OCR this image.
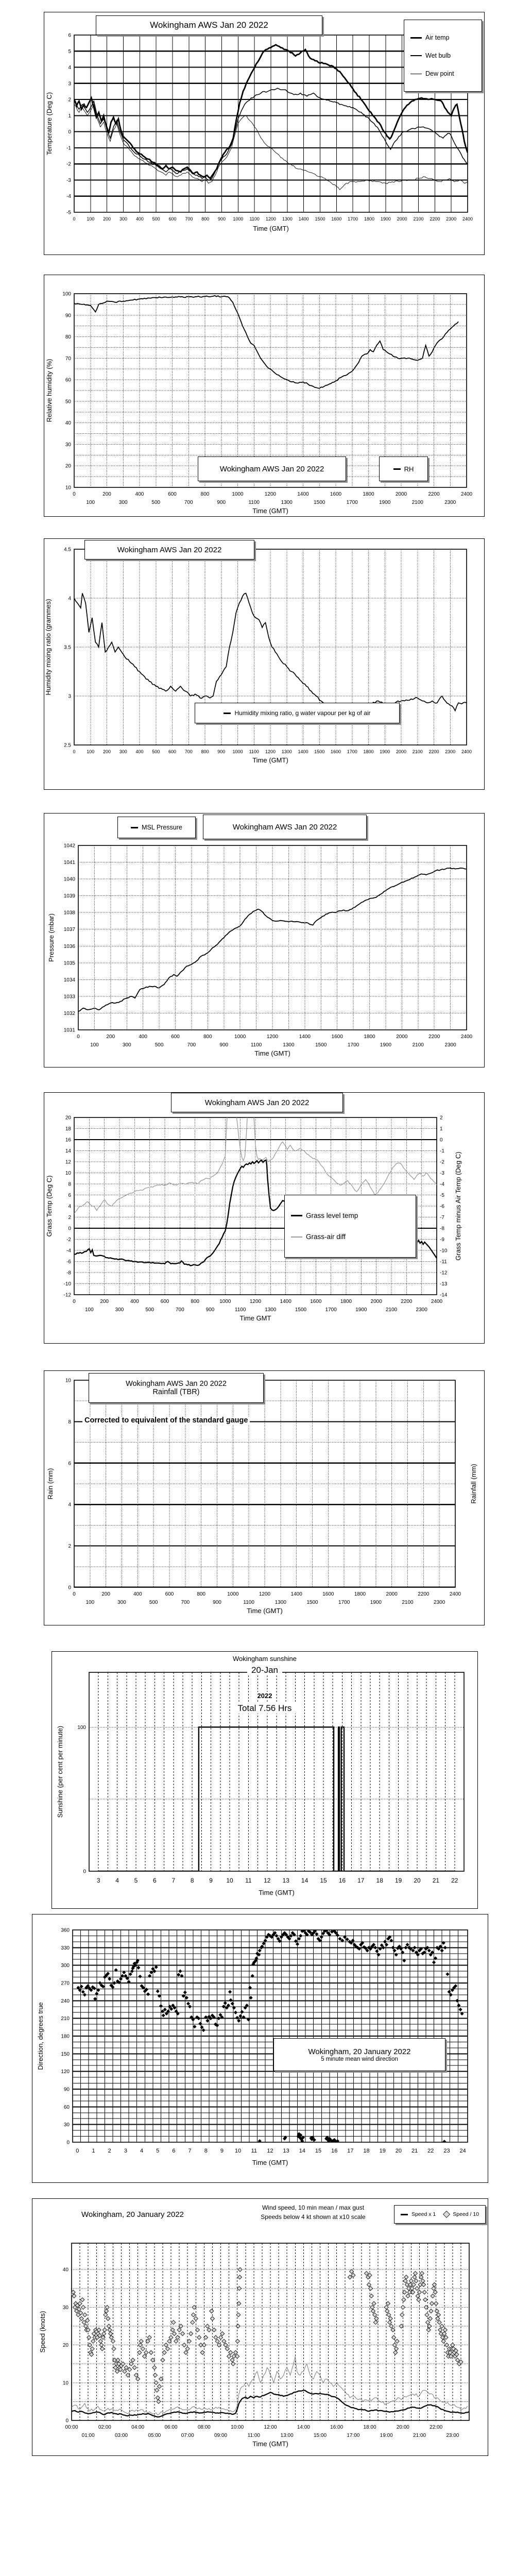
0 100 200 300 400 500 600 700 800 900 1000 1100 1200 1300 1400 1500 1600 1700 1800 1900 2000 2100 2200 2300 2400
-5
-4
-3
-2
-1
0
1
2
3
4
5
6
Time (GMT)
Temperature (Deg C)
Wokingham AWS Jan 20 2022
Air temp
Wet bulb
Dew point
0
100
200
300
400
500
600
700
800
900
1000
1100
1200
1300
1400
1500
1600
1700
1800
1900
2000
2100
2200
2300
2400
10
20
30
40
50
60
70
80
90
100
Time (GMT)
Relative humidity (%)
Wokingham AWS Jan 20 2022	RH
0 100 200 300 400 500 600 700 800 900 1000 1100 1200 1300 1400 1500 1600 1700 1800 1900 2000 2100 2200 2300 2400
2.5
3
3.5
4
4.5
Time (GMT)
Humidity mixing ratio (grammes)
Wokingham AWS Jan 20 2022
Humidity mixing ratio, g water vapour per kg of air
0
100
200
300
400
500
600
700
800
900
1000
1100
1200
1300
1400
1500
1600
1700
1800
1900
2000
2100
2200
2300
2400
1031
1032
1033
1034
1035
1036
1037
1038
1039
1040
1041
1042
Time (GMT)
Pressure (mbar)
MSL Pressure	Wokingham AWS Jan 20 2022
0
100
200
300
400
500
600
700
800
900
1000
1100
1200
1300
1400
1500
1600
1700
1800
1900
2000
2100
2200
2300
2400
-12
-10
-8
-6
-4
-2
0
2
4
6
8
10
12
14
16
18
20
-14
-13
-12
-11
-10
-9
-8
-7
-6
-5
-4
-3
-2
-1
0
1
2
Time GMT
Grass Temp (Deg C)	Grass Temp minus Air Temp (Deg C)
Wokingham AWS Jan 20 2022
Grass level temp
Grass-air diff
0
100
200
300
400
500
600
700
800
900
1000
1100
1200
1300
1400
1500
1600
1700
1800
1900
2000
2100
2200
2300
2400
0
2
4
6
8
10
Time (GMT)
Rain (mm)	Rainfall (mm)
Wokingham AWS Jan 20 2022
Rainfall (TBR)
Corrected to equivalent of the standard gauge
3 4 5 6 7 8 9 10 11 12 13 14 15 16 17 18 19 20 21 22
0
100
Time (GMT)
Sunshine (per cent per minute)
Wokingham sunshine
20-Jan
2022
Total 7.56 Hrs
0 1 2 3 4 5 6 7 8 9 10 11 12 13 14 15 16 17 18 19 20 21 22 23 24
0
30
60
90
120
150
180
210
240
270
300
330
360
Time (GMT)
Direction, degrees true	Wokingham, 20 January 2022
5 minute mean wind direction
00:00
01:00
02:00
03:00
04:00
05:00
06:00
07:00
08:00
09:00
10:00
11:00
12:00
13:00
14:00
15:00
16:00
17:00
18:00
19:00
20:00
21:00
22:00
23:00
0
10
20
30
40
Time (GMT)
Speed (knots)
Wokingham, 20 January 2022
Wind speed, 10 min mean / max gust
Speeds below 4 kt shown at x10 scale	Speed x 1	Speed / 10
